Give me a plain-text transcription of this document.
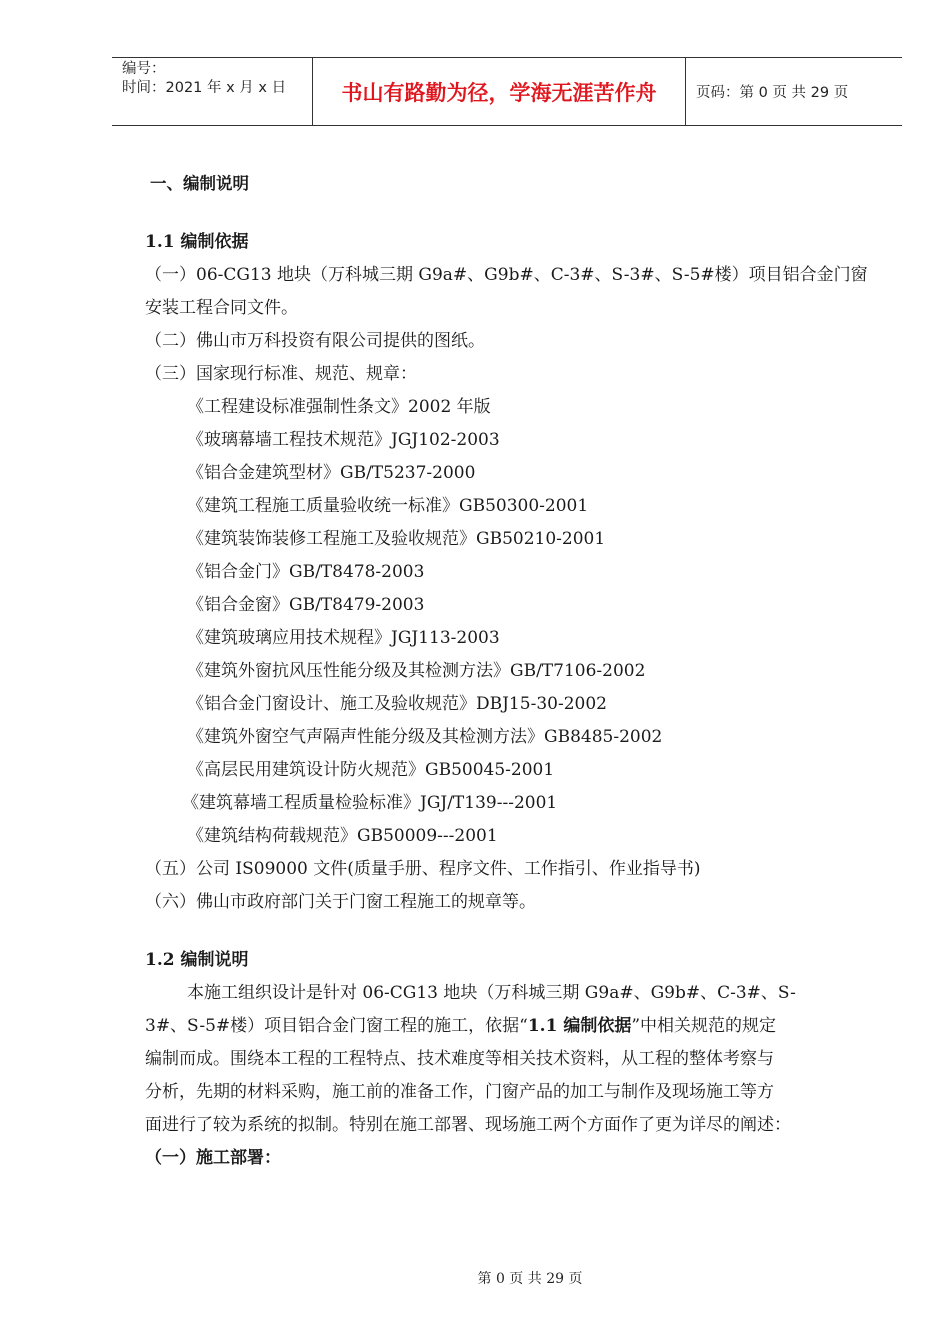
编号：
时间：2021 年 x 月 x 日	书山有路勤为径，学海无涯苦作舟	页码：第 0 页 共 29 页
一、编制说明
1.1 编制依据
（一）06-CG13 地块（万科城三期 G9a#、G9b#、C-3#、S-3#、S-5#楼）项目铝合金门窗
安装工程合同文件。
（二）佛山市万科投资有限公司提供的图纸。
（三）国家现行标准、规范、规章：
《工程建设标准强制性条文》2002 年版
《玻璃幕墙工程技术规范》JGJ102-2003
《铝合金建筑型材》GB/T5237-2000
《建筑工程施工质量验收统一标准》GB50300-2001
《建筑装饰装修工程施工及验收规范》GB50210-2001
《铝合金门》GB/T8478-2003
《铝合金窗》GB/T8479-2003
《建筑玻璃应用技术规程》JGJ113-2003
《建筑外窗抗风压性能分级及其检测方法》GB/T7106-2002
《铝合金门窗设计、施工及验收规范》DBJ15-30-2002
《建筑外窗空气声隔声性能分级及其检测方法》GB8485-2002
《高层民用建筑设计防火规范》GB50045-2001
《建筑幕墙工程质量检验标准》JGJ/T139---2001
《建筑结构荷载规范》GB50009---2001
（五）公司 IS09000 文件(质量手册、程序文件、工作指引、作业指导书)
（六）佛山市政府部门关于门窗工程施工的规章等。
1.2 编制说明
本施工组织设计是针对 06-CG13 地块（万科城三期 G9a#、G9b#、C-3#、S-
3#、S-5#楼）项目铝合金门窗工程的施工，依据“1.1 编制依据”中相关规范的规定
编制而成。围绕本工程的工程特点、技术难度等相关技术资料，从工程的整体考察与
分析，先期的材料采购，施工前的准备工作，门窗产品的加工与制作及现场施工等方
面进行了较为系统的拟制。特别在施工部署、现场施工两个方面作了更为详尽的阐述：
（一）施工部署：
第 0 页 共 29 页
